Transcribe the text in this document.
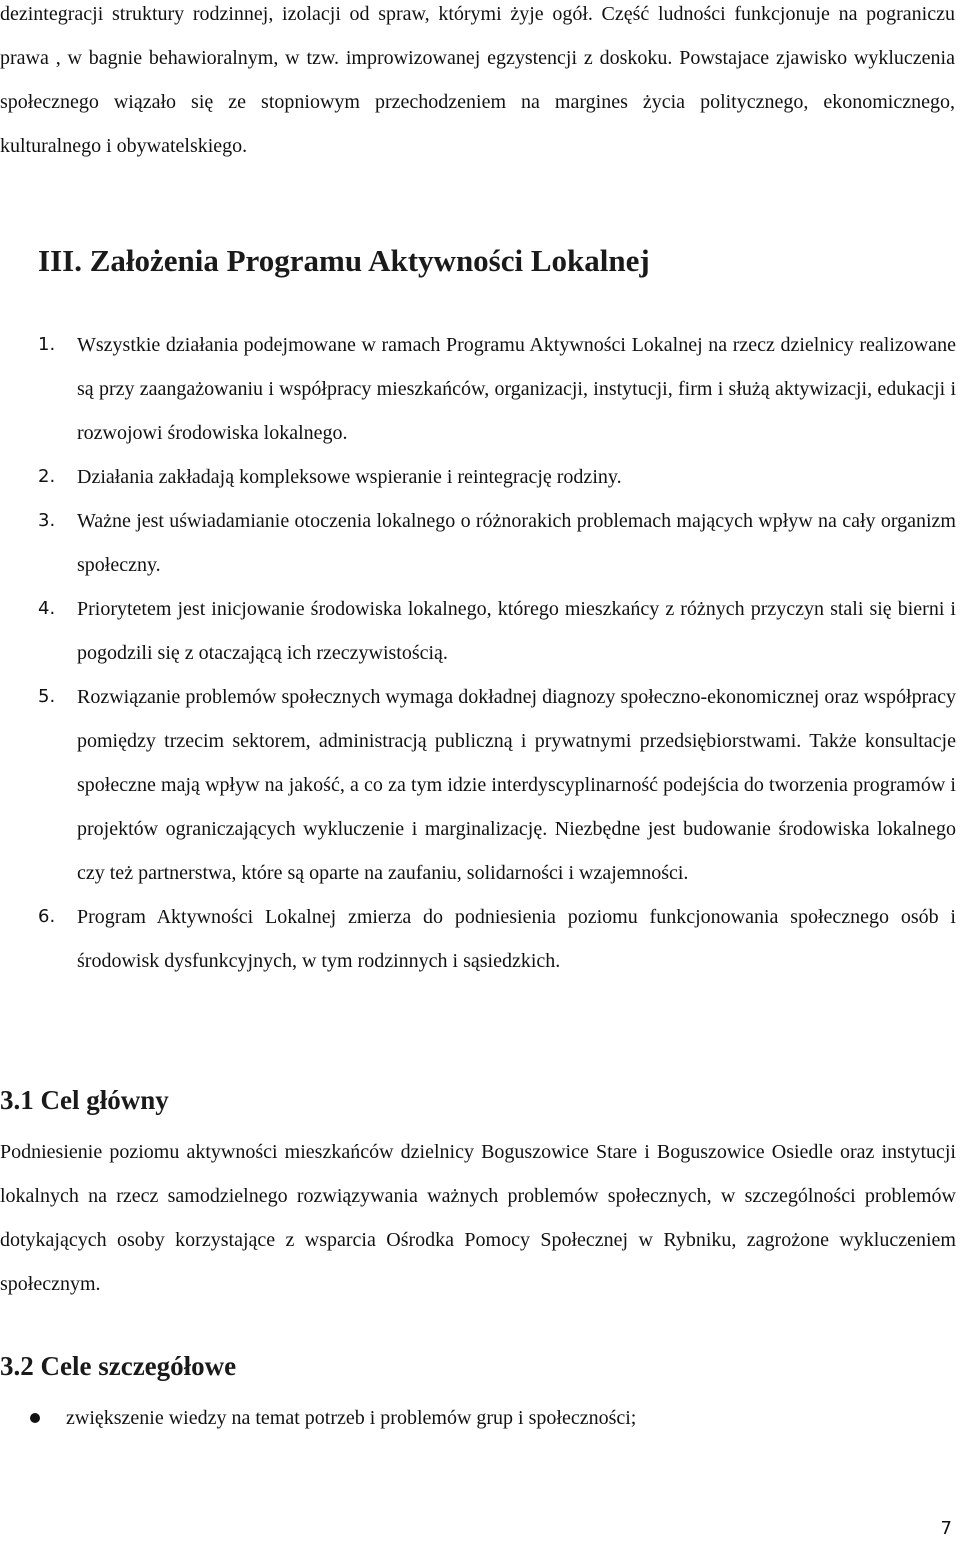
dezintegracji struktury rodzinnej, izolacji od spraw, którymi żyje ogół. Część ludności funkcjonuje na pograniczu prawa , w bagnie behawioralnym, w tzw. improwizowanej egzystencji z doskoku. Powstajace zjawisko wykluczenia społecznego wiązało się ze stopniowym przechodzeniem na margines życia politycznego, ekonomicznego, kulturalnego i obywatelskiego.

III. Założenia Programu Aktywności Lokalnej
1. Wszystkie działania podejmowane w ramach Programu Aktywności Lokalnej na rzecz dzielnicy realizowane są przy zaangażowaniu i współpracy mieszkańców, organizacji, instytucji, firm i służą aktywizacji, edukacji i rozwojowi środowiska lokalnego.
2. Działania zakładają kompleksowe wspieranie i reintegrację rodziny.
3. Ważne jest uświadamianie otoczenia lokalnego o różnorakich problemach mających wpływ na cały organizm społeczny.
4. Priorytetem jest inicjowanie środowiska lokalnego, którego mieszkańcy z różnych przyczyn stali się bierni i pogodzili się z otaczającą ich rzeczywistością.
5. Rozwiązanie problemów społecznych wymaga dokładnej diagnozy społeczno-ekonomicznej oraz współpracy pomiędzy trzecim sektorem, administracją publiczną i prywatnymi przedsiębiorstwami. Także konsultacje społeczne mają wpływ na jakość, a co za tym idzie interdyscyplinarność podejścia do tworzenia programów i projektów ograniczających wykluczenie i marginalizację. Niezbędne jest budowanie środowiska lokalnego czy też partnerstwa, które są oparte na zaufaniu, solidarności i wzajemności.
6. Program Aktywności Lokalnej zmierza do podniesienia poziomu funkcjonowania społecznego osób i środowisk dysfunkcyjnych, w tym rodzinnych i sąsiedzkich.
3.1 Cel główny

Podniesienie poziomu aktywności mieszkańców dzielnicy Boguszowice Stare i Boguszowice Osiedle oraz instytucji lokalnych na rzecz samodzielnego rozwiązywania ważnych problemów społecznych, w szczególności problemów dotykających osoby korzystające z wsparcia Ośrodka Pomocy Społecznej w Rybniku, zagrożone wykluczeniem społecznym.

3.2 Cele szczegółowe
zwiększenie wiedzy na temat potrzeb i problemów grup i społeczności;
7
